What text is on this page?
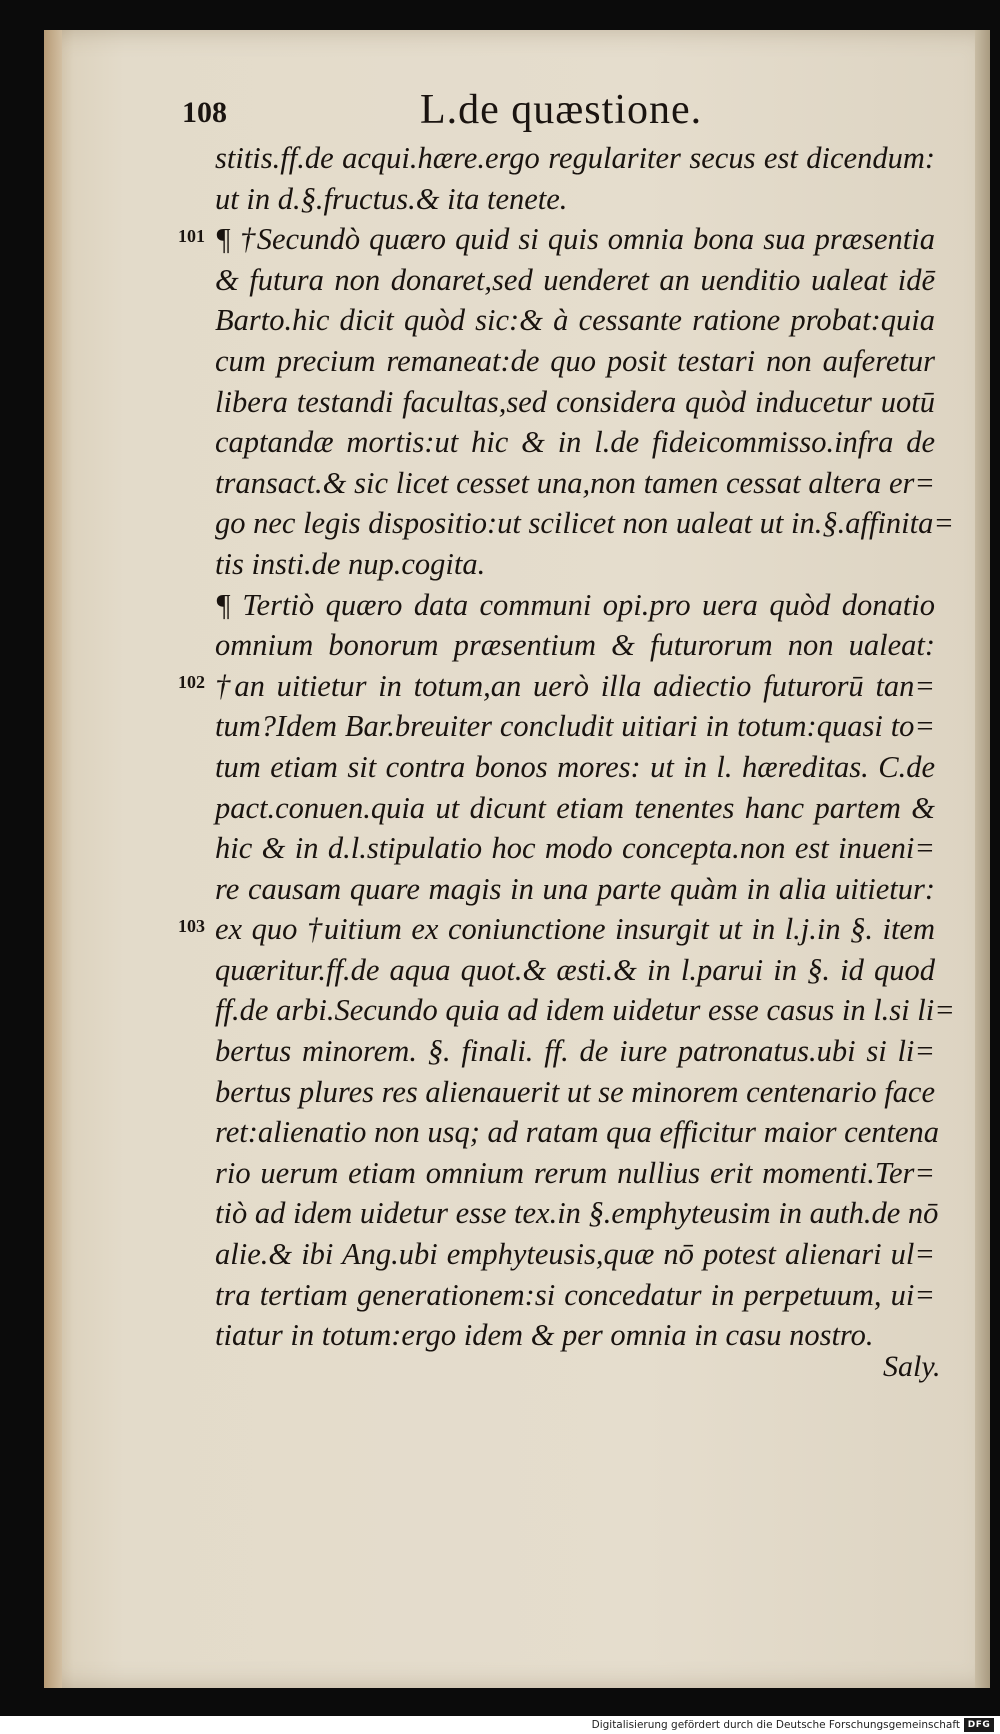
108	L.de quæstione.
101
102
103
stitis.ff.de acqui.hære.ergo regulariter secus est dicendum:
ut in d.§.fructus.& ita tenete.
¶ †Secundò quæro quid si quis omnia bona sua præsentia
& futura non donaret,sed uenderet an uenditio ualeat idē
Barto.hic dicit quòd sic:& à cessante ratione probat:quia
cum precium remaneat:de quo posit testari non auferetur
libera testandi facultas,sed considera quòd inducetur uotū
captandæ mortis:ut hic & in l.de fideicommisso.infra de
transact.& sic licet cesset una,non tamen cessat altera er=
go nec legis dispositio:ut scilicet non ualeat ut in.§.affinita=
tis insti.de nup.cogita.
¶ Tertiò quæro data communi opi.pro uera quòd donatio
omnium bonorum præsentium & futurorum non ualeat:
†an uitietur in totum,an uerò illa adiectio futurorū tan=
tum?Idem Bar.breuiter concludit uitiari in totum:quasi to=
tum etiam sit contra bonos mores: ut in l. hæreditas. C.de
pact.conuen.quia ut dicunt etiam tenentes hanc partem &
hic & in d.l.stipulatio hoc modo concepta.non est inueni=
re causam quare magis in una parte quàm in alia uitietur:
ex quo †uitium ex coniunctione insurgit ut in l.j.in §. item
quæritur.ff.de aqua quot.& æsti.& in l.parui in §. id quod
ff.de arbi.Secundo quia ad idem uidetur esse casus in l.si li=
bertus minorem. §. finali. ff. de iure patronatus.ubi si li=
bertus plures res alienauerit ut se minorem centenario face
ret:alienatio non usq; ad ratam qua efficitur maior centena
rio uerum etiam omnium rerum nullius erit momenti.Ter=
tiò ad idem uidetur esse tex.in §.emphyteusim in auth.de nō
alie.& ibi Ang.ubi emphyteusis,quæ nō potest alienari ul=
tra tertiam generationem:si concedatur in perpetuum, ui=
tiatur in totum:ergo idem & per omnia in casu nostro.
Saly.
Digitalisierung gefördert durch die Deutsche Forschungsgemeinschaft DFG
